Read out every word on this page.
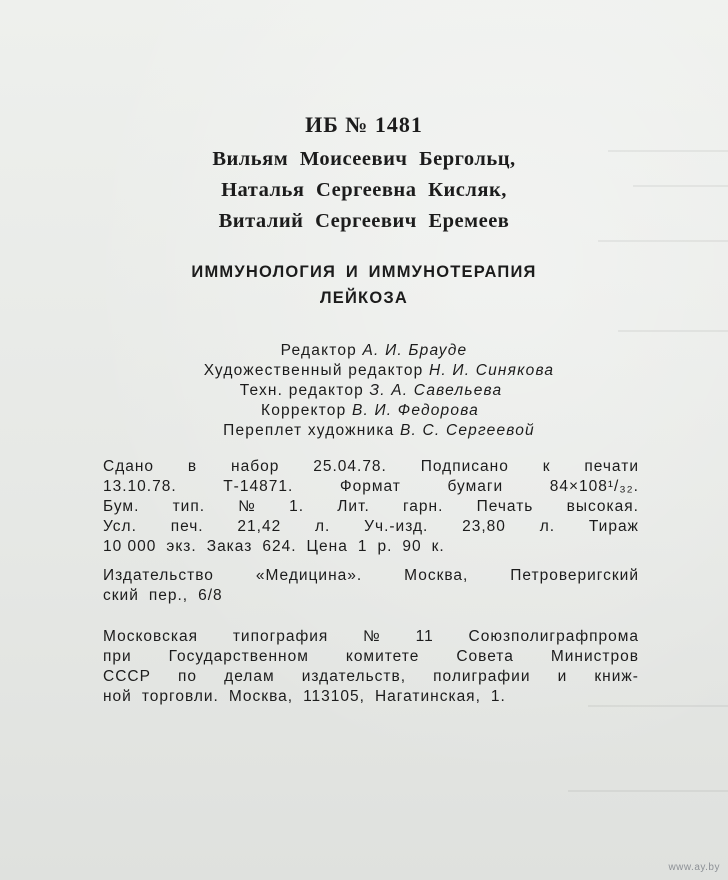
ИБ № 1481
Вильям Моисеевич Бергольц,
Наталья Сергеевна Кисляк,
Виталий Сергеевич Еремеев
ИММУНОЛОГИЯ И ИММУНОТЕРАПИЯ
ЛЕЙКОЗА
Редактор А. И. Брауде
Художественный редактор Н. И. Синякова
Техн. редактор З. А. Савельева
Корректор В. И. Федорова
Переплет художника В. С. Сергеевой
Сдано в набор 25.04.78. Подписано к печати
13.10.78.	Т-14871.	Формат	бумаги	84×108¹/₃₂.
Бум. тип. № 1. Лит. гарн. Печать высокая.
Усл. печ. 21,42 л. Уч.-изд. 23,80 л. Тираж
10 000 экз. Заказ 624. Цена 1 р. 90 к.
Издательство	«Медицина».	Москва,	Петроверигский
ский пер., 6/8
Московская типография № 11 Союзполиграфпрома
при Государственном комитете Совета Министров
СССР по делам издательств, полиграфии и книж-
ной торговли. Москва, 113105, Нагатинская, 1.
www.ay.by
